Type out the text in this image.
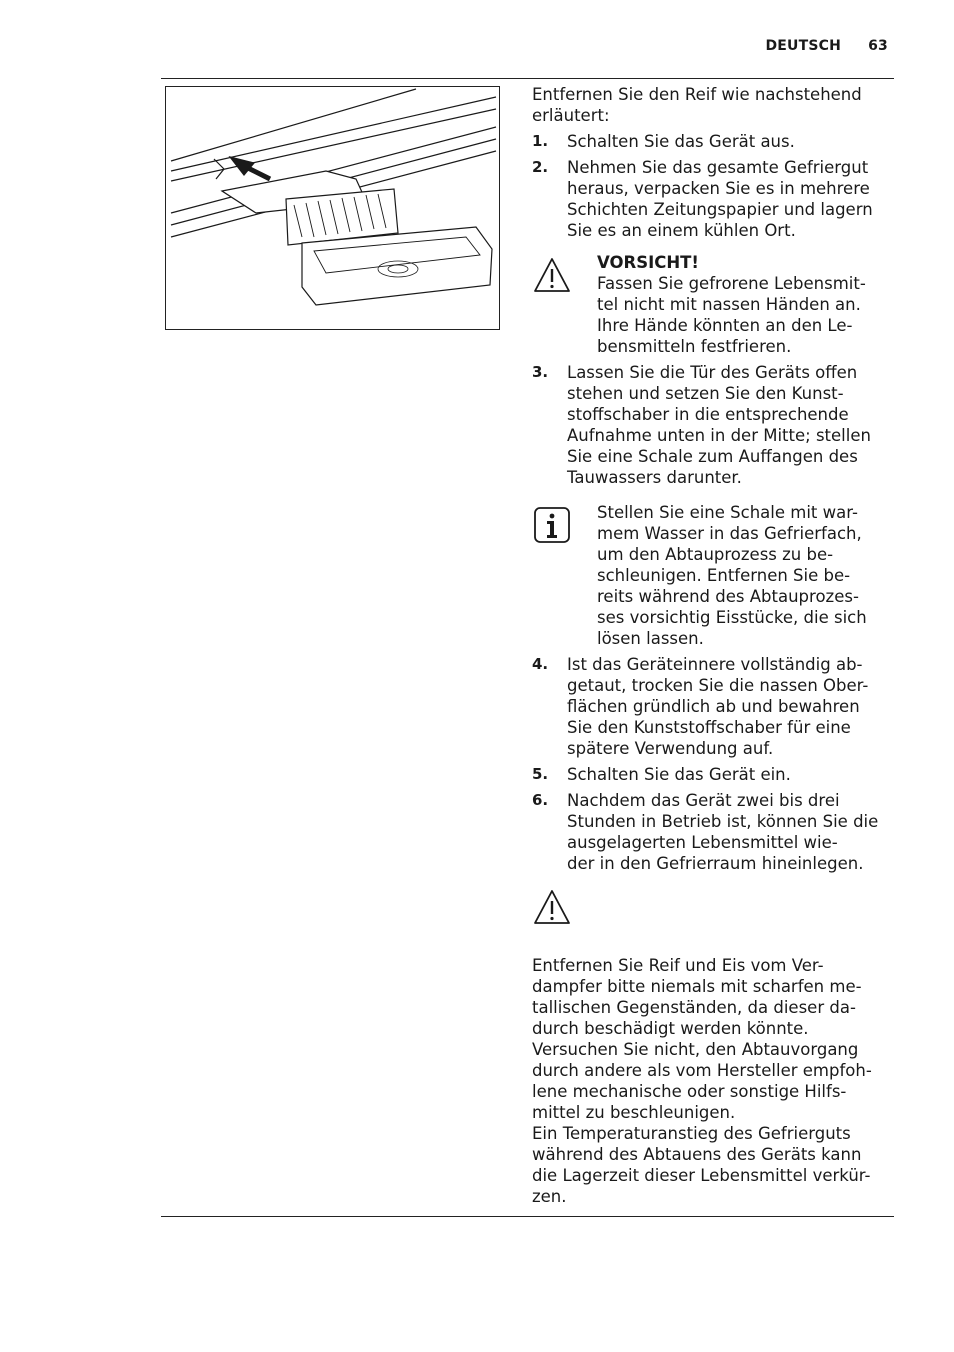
DEUTSCH 63

Entfernen Sie den Reif wie nachstehend erläutert:

1. Schalten Sie das Gerät aus.
2. Nehmen Sie das gesamte Gefriergut heraus, verpacken Sie es in mehrere Schichten Zeitungspapier und lagern Sie es an einem kühlen Ort.
VORSICHT!
Fassen Sie gefrorene Lebensmit-
tel nicht mit nassen Händen an.
Ihre Hände könnten an den Le-
bensmitteln festfrieren.
3. Lassen Sie die Tür des Geräts offen stehen und setzen Sie den Kunst-
stoffschaber in die entsprechende Aufnahme unten in der Mitte; stellen Sie eine Schale zum Auffangen des Tauwassers darunter.
Stellen Sie eine Schale mit war-
mem Wasser in das Gefrierfach,
um den Abtauprozess zu be-
schleunigen. Entfernen Sie be-
reits während des Abtauprozes-
ses vorsichtig Eisstücke, die sich
lösen lassen.
4. Ist das Geräteinnere vollständig ab-
getaut, trocken Sie die nassen Ober-
flächen gründlich ab und bewahren Sie den Kunststoffschaber für eine spätere Verwendung auf.
5. Schalten Sie das Gerät ein.
6. Nachdem das Gerät zwei bis drei Stunden in Betrieb ist, können Sie die ausgelagerten Lebensmittel wie-
der in den Gefrierraum hineinlegen.

Entfernen Sie Reif und Eis vom Ver-
dampfer bitte niemals mit scharfen me-
tallischen Gegenständen, da dieser da-
durch beschädigt werden könnte.
Versuchen Sie nicht, den Abtauvorgang durch andere als vom Hersteller empfoh-
lene mechanische oder sonstige Hilfs-
mittel zu beschleunigen.
Ein Temperaturanstieg des Gefrierguts während des Abtauens des Geräts kann die Lagerzeit dieser Lebensmittel verkür-
zen.
